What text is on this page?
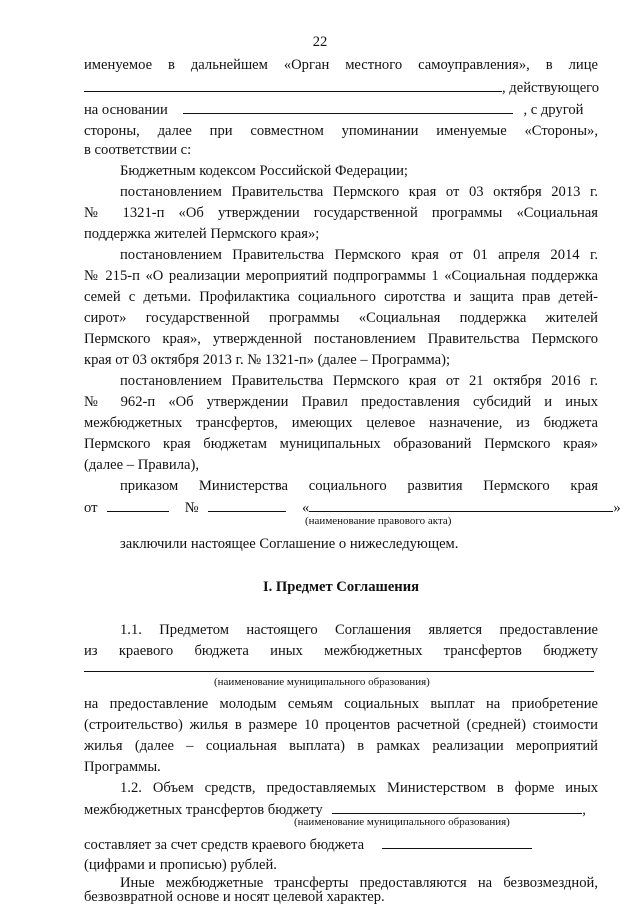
22
именуемое в дальнейшем «Орган местного самоуправления», в лице
, действующего
на основании	, с другой
стороны, далее при совместном упоминании именуемые «Стороны»,
в соответствии с:
Бюджетным кодексом Российской Федерации;
постановлением Правительства Пермского края от 03 октября 2013 г.
№ 1321-п «Об утверждении государственной программы «Социальная
поддержка жителей Пермского края»;
постановлением Правительства Пермского края от 01 апреля 2014 г.
№ 215-п «О реализации мероприятий подпрограммы 1 «Социальная поддержка
семей с детьми. Профилактика социального сиротства и защита прав детей-
сирот» государственной программы «Социальная поддержка жителей
Пермского края», утвержденной постановлением Правительства Пермского
края от 03 октября 2013 г. № 1321-п» (далее – Программа);
постановлением Правительства Пермского края от 21 октября 2016 г.
№ 962-п «Об утверждении Правил предоставления субсидий и иных
межбюджетных трансфертов, имеющих целевое назначение, из бюджета
Пермского края бюджетам муниципальных образований Пермского края»
(далее – Правила),
приказом Министерства социального развития Пермского края
от	№	«	»
(наименование правового акта)
заключили настоящее Соглашение о нижеследующем.
I. Предмет Соглашения
1.1. Предметом настоящего Соглашения является предоставление
из краевого бюджета иных межбюджетных трансфертов бюджету
(наименование муниципального образования)
на предоставление молодым семьям социальных выплат на приобретение
(строительство) жилья в размере 10 процентов расчетной (средней) стоимости
жилья (далее – социальная выплата) в рамках реализации мероприятий
Программы.
1.2. Объем средств, предоставляемых Министерством в форме иных
межбюджетных трансфертов бюджету	,
(наименование муниципального образования)
составляет за счет средств краевого бюджета
(цифрами и прописью) рублей.
Иные межбюджетные трансферты предоставляются на безвозмездной,
безвозвратной основе и носят целевой характер.
